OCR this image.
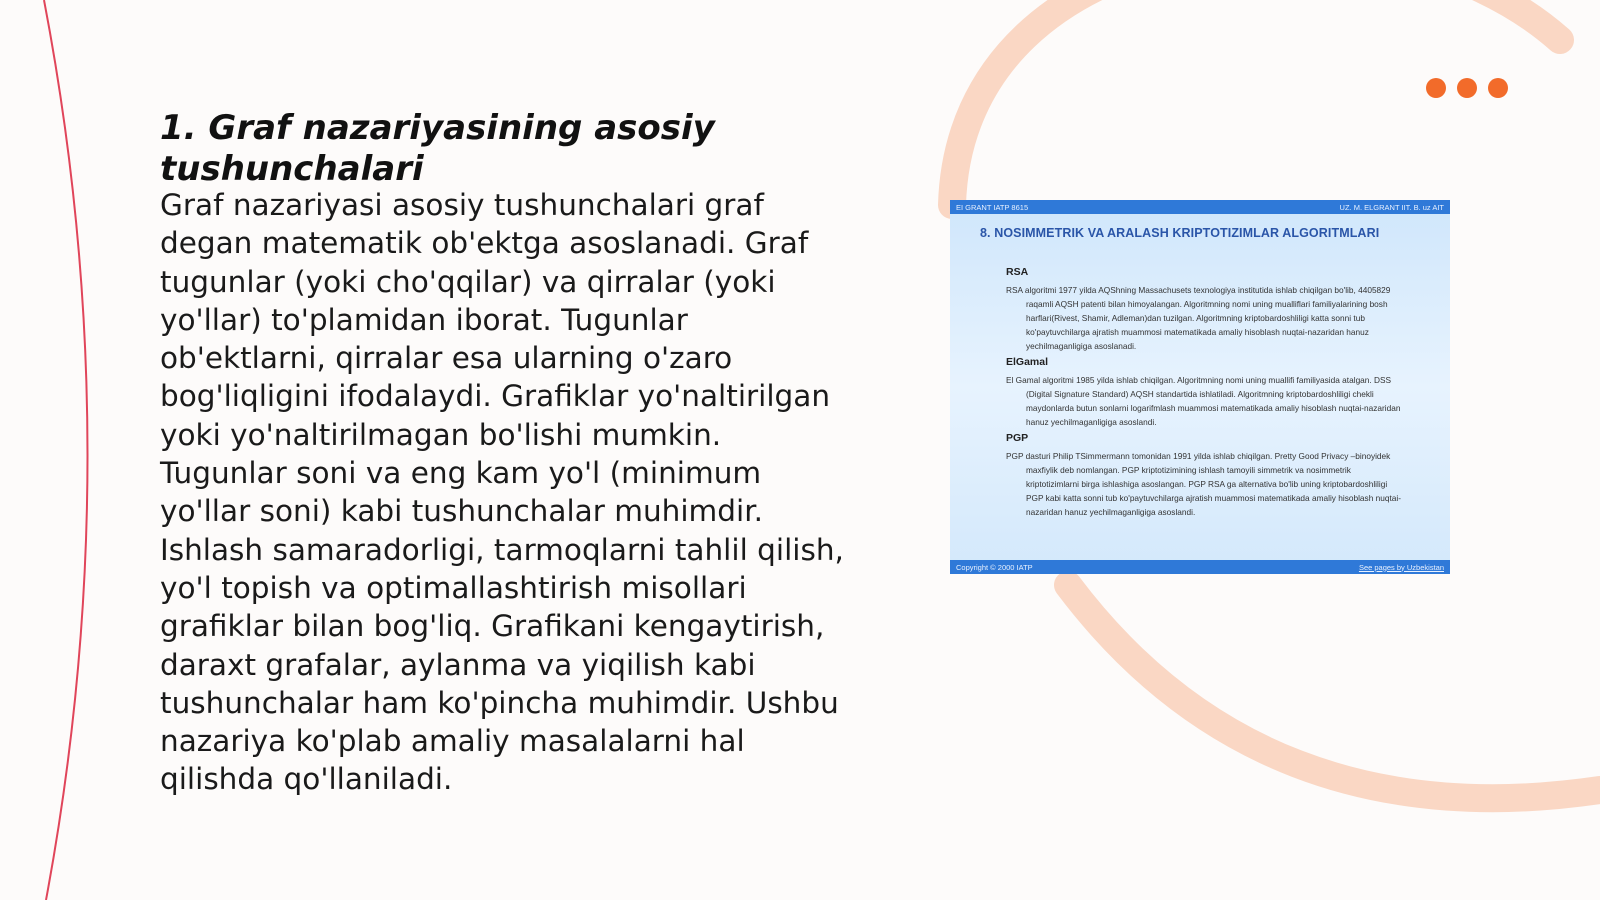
1. Graf nazariyasining asosiy tushunchalari

Graf nazariyasi asosiy tushunchalari graf degan matematik ob'ektga asoslanadi. Graf tugunlar (yoki cho'qqilar) va qirralar (yoki yo'llar) to'plamidan iborat. Tugunlar ob'ektlarni, qirralar esa ularning o'zaro bog'liqligini ifodalaydi. Grafiklar yo'naltirilgan yoki yo'naltirilmagan bo'lishi mumkin. Tugunlar soni va eng kam yo'l (minimum yo'llar soni) kabi tushunchalar muhimdir. Ishlash samaradorligi, tarmoqlarni tahlil qilish, yo'l topish va optimallashtirish misollari grafiklar bilan bog'liq. Grafikani kengaytirish, daraxt grafalar, aylanma va yiqilish kabi tushunchalar ham ko'pincha muhimdir. Ushbu nazariya ko'plab amaliy masalalarni hal qilishda qo'llaniladi.

EI GRANT IATP 8615	UZ. M. ELGRANT IIT. B. uz AIT
8. NOSIMMETRIK VA ARALASH KRIPTOTIZIMLAR ALGORITMLARI

RSA

RSA algoritmi 1977 yilda AQShning Massachusets texnologiya institutida ishlab chiqilgan bo'lib, 4405829 raqamli AQSH patenti bilan himoyalangan. Algoritmning nomi uning mualliflari familiyalarining bosh harflari(Rivest, Shamir, Adleman)dan tuzilgan. Algoritmning kriptobardoshliligi katta sonni tub ko'paytuvchilarga ajratish muammosi matematikada amaliy hisoblash nuqtai-nazaridan hanuz yechilmaganligiga asoslanadi.

ElGamal

El Gamal algoritmi 1985 yilda ishlab chiqilgan. Algoritmning nomi uning muallifi familiyasida atalgan. DSS (Digital Signature Standard) AQSH standartida ishlatiladi. Algoritmning kriptobardoshliligi chekli maydonlarda butun sonlarni logarifmlash muammosi matematikada amaliy hisoblash nuqtai-nazaridan hanuz yechilmaganligiga asoslandi.

PGP

PGP dasturi Philip TSimmermann tomonidan 1991 yilda ishlab chiqilgan. Pretty Good Privacy –binoyidek maxfiylik deb nomlangan. PGP kriptotizimining ishlash tamoyili simmetrik va nosimmetrik kriptotizimlarni birga ishlashiga asoslangan. PGP RSA ga alternativa bo'lib uning kriptobardoshliligi PGP kabi katta sonni tub ko'paytuvchilarga ajratish muammosi matematikada amaliy hisoblash nuqtai-nazaridan hanuz yechilmaganligiga asoslandi.

Copyright © 2000 IATP	See pages by Uzbekistan
